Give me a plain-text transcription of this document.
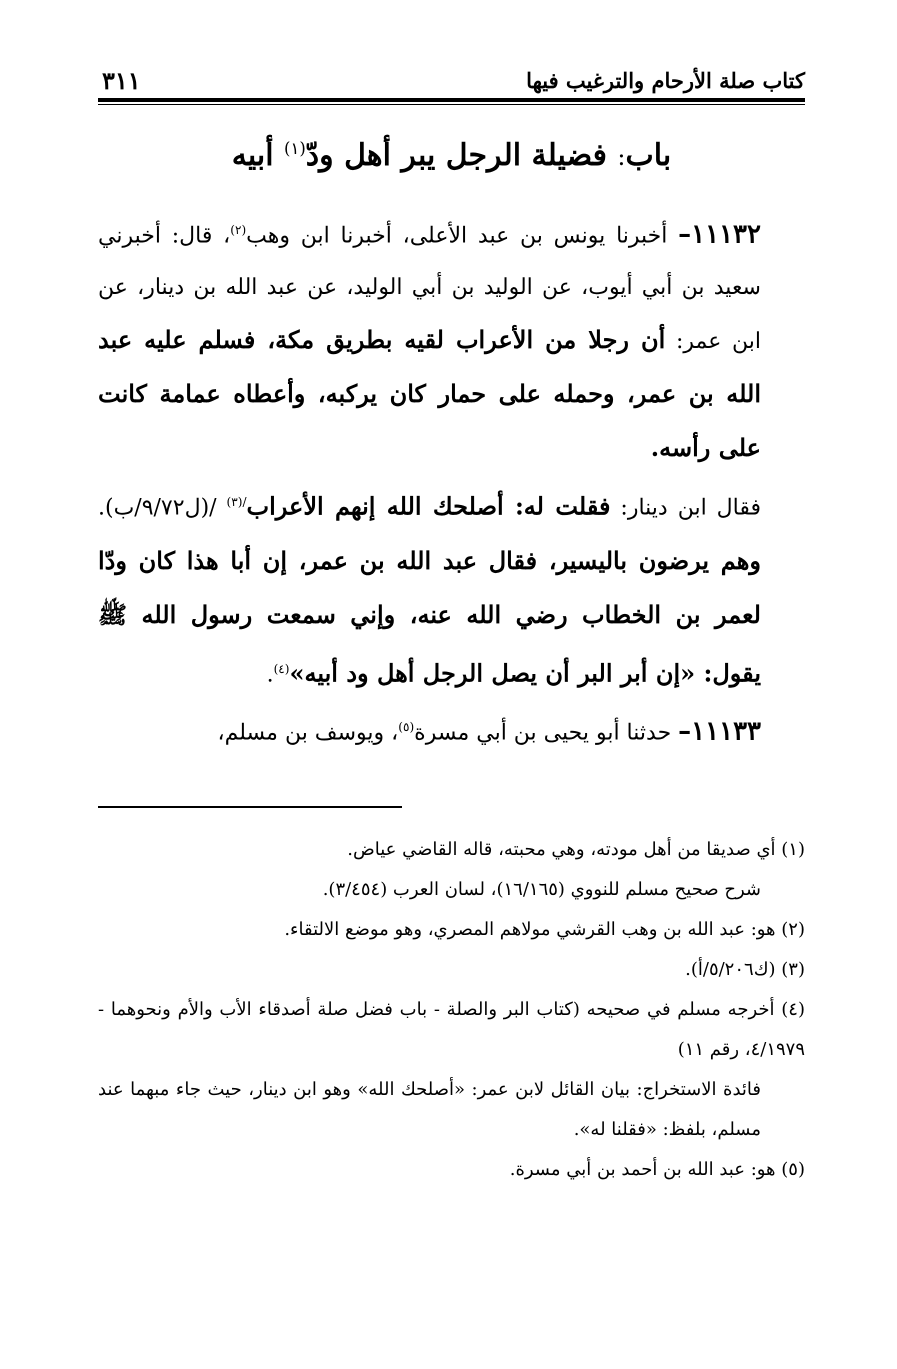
كتاب صلة الأرحام والترغيب فيها
٣١١
باب: فضيلة الرجل يبر أهل ودّ$^{(١)}$ أبيه

١١١٣٢– أخبرنا يونس بن عبد الأعلى، أخبرنا ابن وهب$^{(٢)}$، قال: أخبرني سعيد بن أبي أيوب، عن الوليد بن أبي الوليد، عن عبد الله بن دينار، عن ابن عمر: أن رجلا من الأعراب لقيه بطريق مكة، فسلم عليه عبد الله بن عمر، وحمله على حمار كان يركبه، وأعطاه عمامة كانت على رأسه.

فقال ابن دينار: فقلت له: أصلحك الله إنهم الأعراب$^{/(٣)}$ /(ل٩/٧٢/ب). وهم يرضون باليسير، فقال عبد الله بن عمر، إن أبا هذا كان ودّا لعمر بن الخطاب رضي الله عنه، وإني سمعت رسول الله ﷺ يقول: «إن أبر البر أن يصل الرجل أهل ود أبيه»$^{(٤)}$.

١١١٣٣– حدثنا أبو يحيى بن أبي مسرة$^{(٥)}$، ويوسف بن مسلم،

(١) أي صديقا من أهل مودته، وهي محبته، قاله القاضي عياض.

شرح صحيح مسلم للنووي (١٦/١٦٥)، لسان العرب (٣/٤٥٤).

(٢) هو: عبد الله بن وهب القرشي مولاهم المصري، وهو موضع الالتقاء.

(٣) (ك٥/٢٠٦/أ).

(٤) أخرجه مسلم في صحيحه (كتاب البر والصلة - باب فضل صلة أصدقاء الأب والأم ونحوهما - ٤/١٩٧٩، رقم ١١)

فائدة الاستخراج: بيان القائل لابن عمر: «أصلحك الله» وهو ابن دينار، حيث جاء مبهما عند مسلم، بلفظ: «فقلنا له».

(٥) هو: عبد الله بن أحمد بن أبي مسرة.
